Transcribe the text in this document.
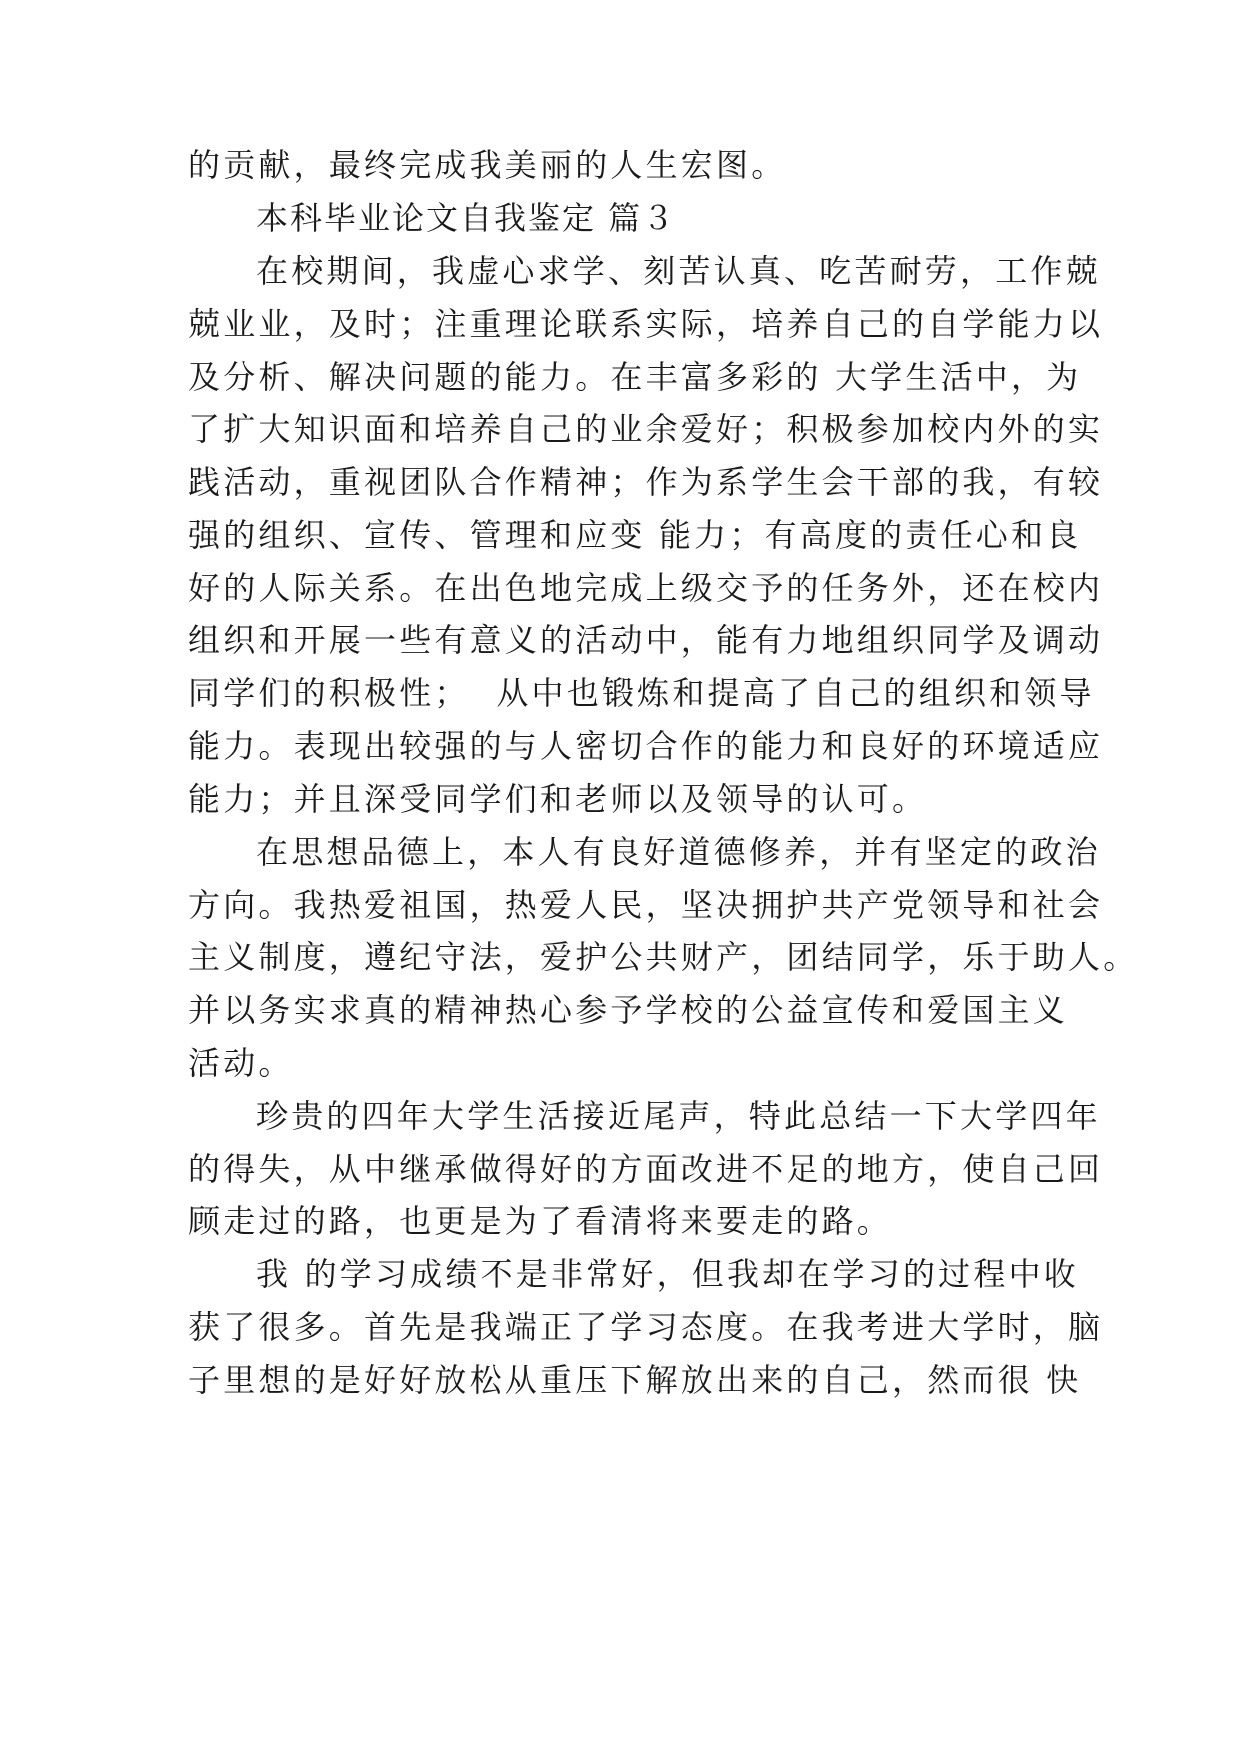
的贡献，最终完成我美丽的人生宏图。
本科毕业论文自我鉴定 篇３
在校期间，我虚心求学、刻苦认真、吃苦耐劳，工作兢
兢业业，及时；注重理论联系实际，培养自己的自学能力以
及分析、解决问题的能力。在丰富多彩的 大学生活中，为
了扩大知识面和培养自己的业余爱好；积极参加校内外的实
践活动，重视团队合作精神；作为系学生会干部的我，有较
强的组织、宣传、管理和应变 能力；有高度的责任心和良
好的人际关系。在出色地完成上级交予的任务外，还在校内
组织和开展一些有意义的活动中，能有力地组织同学及调动
同学们的积极性；  从中也锻炼和提高了自己的组织和领导
能力。表现出较强的与人密切合作的能力和良好的环境适应
能力；并且深受同学们和老师以及领导的认可。
在思想品德上，本人有良好道德修养，并有坚定的政治
方向。我热爱祖国，热爱人民，坚决拥护共产党领导和社会
主义制度，遵纪守法，爱护公共财产，团结同学，乐于助人。
并以务实求真的精神热心参予学校的公益宣传和爱国主义
活动。
珍贵的四年大学生活接近尾声，特此总结一下大学四年
的得失，从中继承做得好的方面改进不足的地方，使自己回
顾走过的路，也更是为了看清将来要走的路。
我 的学习成绩不是非常好，但我却在学习的过程中收
获了很多。首先是我端正了学习态度。在我考进大学时，脑
子里想的是好好放松从重压下解放出来的自己，然而很 快
